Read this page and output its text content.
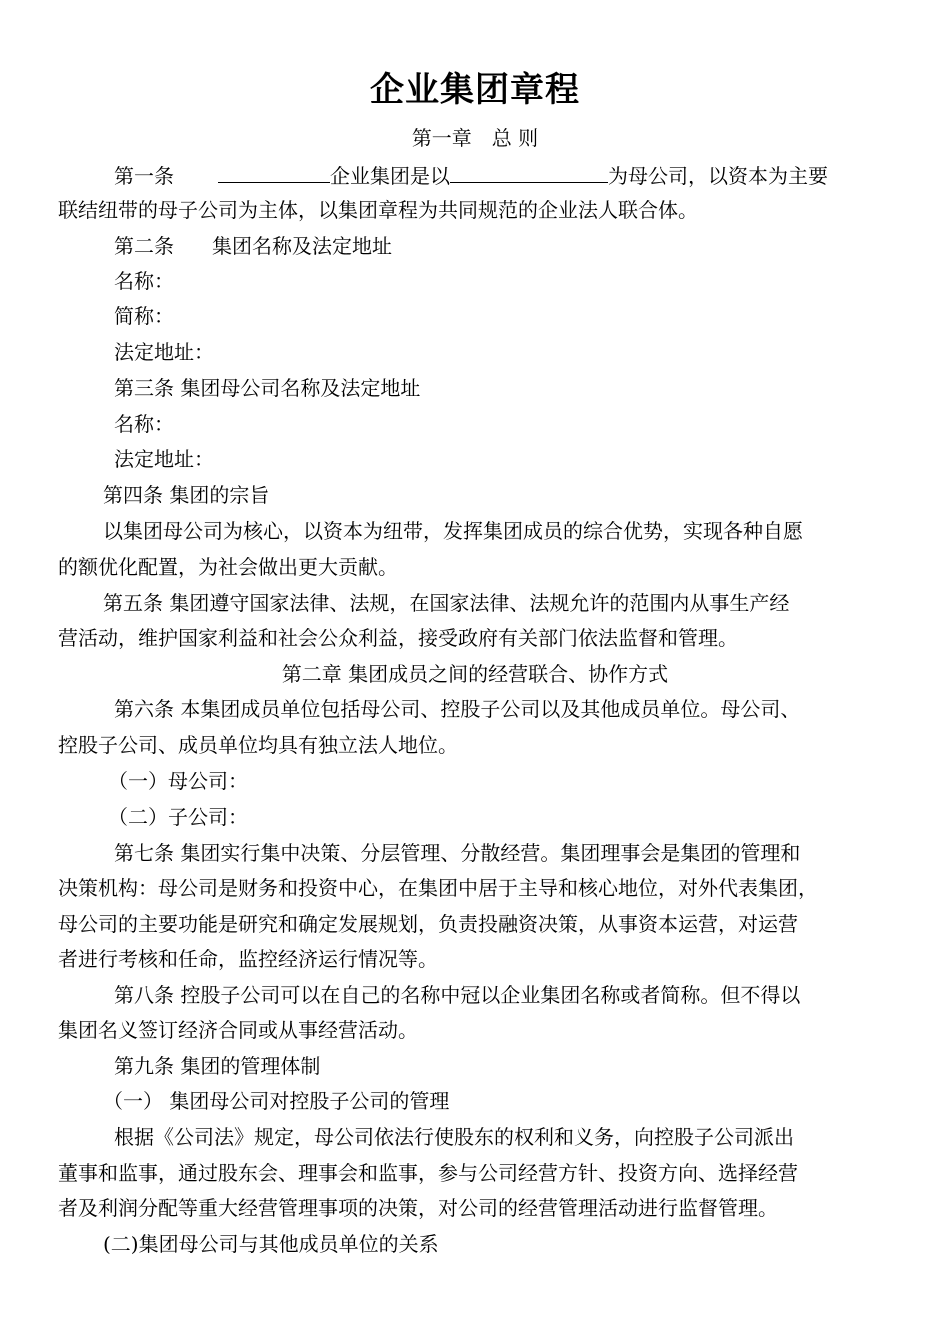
企业集团章程
第一章　总 则
第一条	企业集团是以	为母公司，以资本为主要
联结纽带的母子公司为主体，以集团章程为共同规范的企业法人联合体。
第二条 集团名称及法定地址
名称：
简称：
法定地址：
第三条 集团母公司名称及法定地址
名称：
法定地址：
第四条 集团的宗旨
以集团母公司为核心，以资本为纽带，发挥集团成员的综合优势，实现各种自愿
的额优化配置，为社会做出更大贡献。
第五条 集团遵守国家法律、法规，在国家法律、法规允许的范围内从事生产经
营活动，维护国家利益和社会公众利益，接受政府有关部门依法监督和管理。
第二章 集团成员之间的经营联合、协作方式
第六条 本集团成员单位包括母公司、控股子公司以及其他成员单位。母公司、
控股子公司、成员单位均具有独立法人地位。
（一）母公司：
（二）子公司：
第七条 集团实行集中决策、分层管理、分散经营。集团理事会是集团的管理和
决策机构：母公司是财务和投资中心，在集团中居于主导和核心地位，对外代表集团，
母公司的主要功能是研究和确定发展规划，负责投融资决策，从事资本运营，对运营
者进行考核和任命，监控经济运行情况等。
第八条 控股子公司可以在自己的名称中冠以企业集团名称或者简称。但不得以
集团名义签订经济合同或从事经营活动。
第九条 集团的管理体制
（一） 集团母公司对控股子公司的管理
根据《公司法》规定，母公司依法行使股东的权利和义务，向控股子公司派出
董事和监事，通过股东会、理事会和监事，参与公司经营方针、投资方向、选择经营
者及利润分配等重大经营管理事项的决策，对公司的经营管理活动进行监督管理。
(二)集团母公司与其他成员单位的关系
